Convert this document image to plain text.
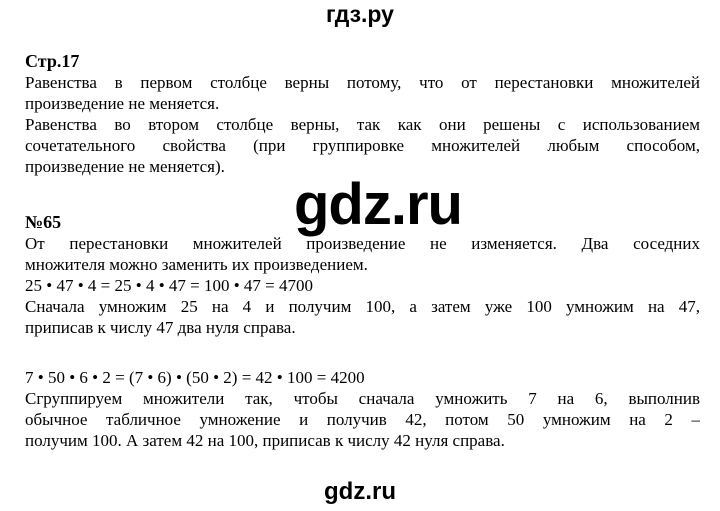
гдз.ру
gdz.ru
Стр.17
Равенства в первом столбце верны потому, что от перестановки множителей
произведение не меняется.
Равенства во втором столбце верны, так как они решены с использованием
сочетательного свойства (при группировке множителей любым способом,
произведение не меняется).
№65
От перестановки множителей произведение не изменяется. Два соседних
множителя можно заменить их произведением.
25 • 47 • 4 = 25 • 4 • 47 = 100 • 47 = 4700
Сначала умножим 25 на 4 и получим 100, а затем уже 100 умножим на 47,
приписав к числу 47 два нуля справа.
7 • 50 • 6 • 2 = (7 • 6) • (50 • 2) = 42 • 100 = 4200
Сгруппируем множители так, чтобы сначала умножить 7 на 6, выполнив
обычное табличное умножение и получив 42, потом 50 умножим на 2 –
получим 100. А затем 42 на 100, приписав к числу 42 нуля справа.
gdz.ru
